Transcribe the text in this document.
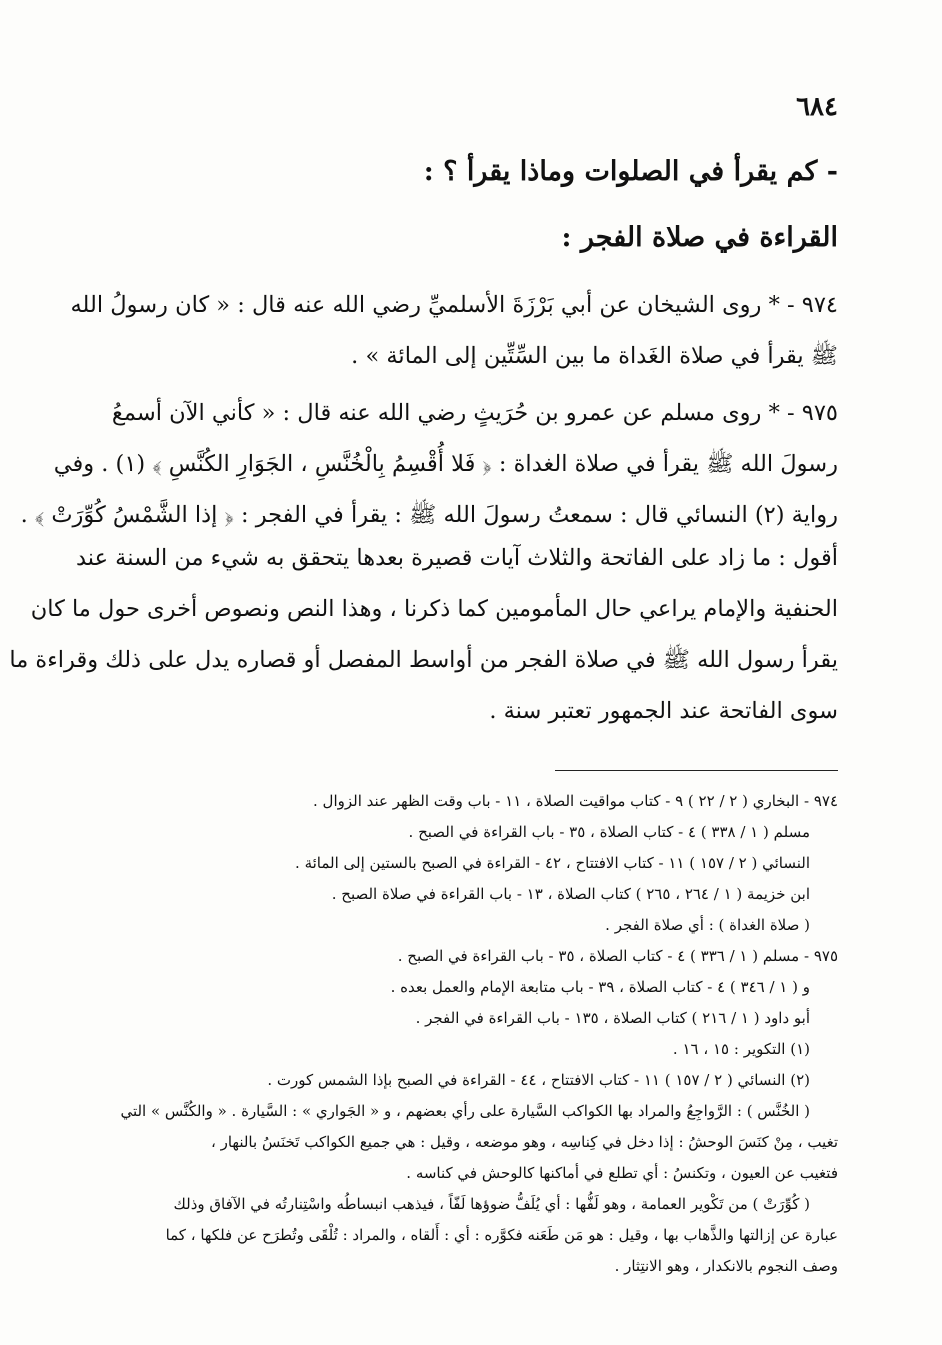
٦٨٤
- كم يقرأ في الصلوات وماذا يقرأ ؟ :
القراءة في صلاة الفجر :
٩٧٤ - * روى الشيخان عن أبي بَرْزَةَ الأسلميِّ رضي الله عنه قال : « كان رسولُ الله
ﷺ يقرأ في صلاة الغَداة ما بين السِّتِّين إلى المائة » .
٩٧٥ - * روى مسلم عن عمرو بن حُرَيثٍ رضي الله عنه قال : « كأني الآن أسمعُ
رسولَ الله ﷺ يقرأ في صلاة الغداة : ﴿ فَلا أُقْسِمُ بِالْخُنَّسِ ، الجَوَارِ الكُنَّسِ ﴾ (١) . وفي
رواية (٢) النسائي قال : سمعتُ رسولَ الله ﷺ : يقرأ في الفجر : ﴿ إذا الشَّمْسُ كُوِّرَتْ ﴾ .
أقول : ما زاد على الفاتحة والثلاث آيات قصيرة بعدها يتحقق به شيء من السنة عند
الحنفية والإمام يراعي حال المأمومين كما ذكرنا ، وهذا النص ونصوص أخرى حول ما كان
يقرأ رسول الله ﷺ في صلاة الفجر من أواسط المفصل أو قصاره يدل على ذلك وقراءة ما
سوى الفاتحة عند الجمهور تعتبر سنة .
٩٧٤ - البخاري ( ٢ / ٢٢ ) ٩ - كتاب مواقيت الصلاة ، ١١ - باب وقت الظهر عند الزوال .
مسلم ( ١ / ٣٣٨ ) ٤ - كتاب الصلاة ، ٣٥ - باب القراءة في الصبح .
النسائي ( ٢ / ١٥٧ ) ١١ - كتاب الافتتاح ، ٤٢ - القراءة في الصبح بالستين إلى المائة .
ابن خزيمة ( ١ / ٢٦٤ ، ٢٦٥ ) كتاب الصلاة ، ١٣ - باب القراءة في صلاة الصبح .
( صلاة الغداة ) : أي صلاة الفجر .
٩٧٥ - مسلم ( ١ / ٣٣٦ ) ٤ - كتاب الصلاة ، ٣٥ - باب القراءة في الصبح .
و ( ١ / ٣٤٦ ) ٤ - كتاب الصلاة ، ٣٩ - باب متابعة الإمام والعمل بعده .
أبو داود ( ١ / ٢١٦ ) كتاب الصلاة ، ١٣٥ - باب القراءة في الفجر .
(١) التكوير : ١٥ ، ١٦ .
(٢) النسائي ( ٢ / ١٥٧ ) ١١ - كتاب الافتتاح ، ٤٤ - القراءة في الصبح بإذا الشمس كورت .
( الخُنَّس ) : الرَّواجِعُ والمراد بها الكواكب السَّيارة على رأي بعضهم ، و « الجَواري » : السَّيارة . « والكُنَّس » التي
تغيب ، مِنْ كنَسَ الوحشُ : إذا دخل في كِناسِه ، وهو موضعه ، وقيل : هي جميع الكواكب تَخنَسُ بالنهار ،
فتغيب عن العيون ، وتكنسُ : أي تطلع في أماكنها كالوحش في كناسه .
( كُوِّرَتْ ) من تَكْوير العمامة ، وهو لَفُّها : أي يُلَفُّ ضوؤها لَفّاً ، فيذهب انبساطُه واسْتِنارتُه في الآفاق وذلك
عبارة عن إزالتها والذَّهاب بها ، وقيل : هو مَن طَعَنه فكوَّره : أي : أَلقاه ، والمراد : تُلْقَى وتُطرَح عن فلكها ، كما
وصف النجوم بالانكدار ، وهو الانتِثار .
